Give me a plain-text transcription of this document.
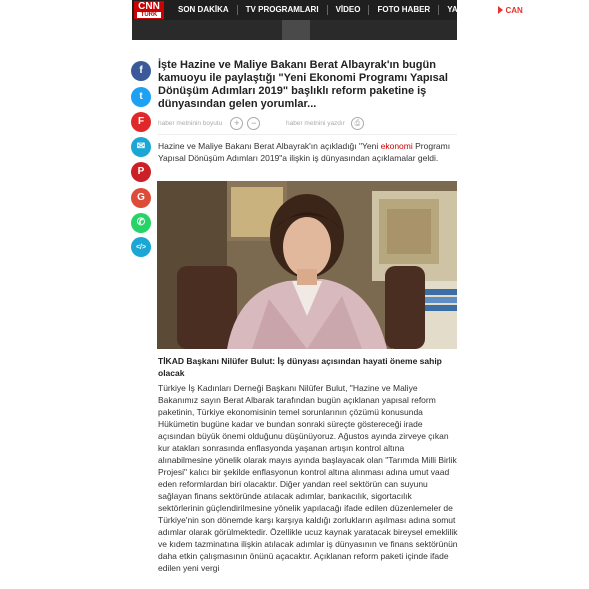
CNN
TÜRK
SON DAKİKA	TV PROGRAMLARI	VİDEO	FOTO HABER	YAZARLAR	CAN
f
t
F
✉
P
G
✆
</>
İşte Hazine ve Maliye Bakanı Berat Albayrak'ın bugün kamuoyu ile paylaştığı "Yeni Ekonomi Programı Yapısal Dönüşüm Adımları 2019" başlıklı reform paketine iş dünyasından gelen yorumlar...
haber metninin boyutu	+	−	haber metnini yazdır	⎙

Hazine ve Maliye Bakanı Berat Albayrak'ın açıkladığı "Yeni ekonomi Programı Yapısal Dönüşüm Adımları 2019"a ilişkin iş dünyasından açıklamalar geldi.

TİKAD Başkanı Nilüfer Bulut: İş dünyası açısından hayati öneme sahip olacak

Türkiye İş Kadınları Derneği Başkanı Nilüfer Bulut, "Hazine ve Maliye Bakanımız sayın Berat Albarak tarafından bugün açıklanan yapısal reform paketinin, Türkiye ekonomisinin temel sorunlarının çözümü konusunda Hükümetin bugüne kadar ve bundan sonraki süreçte göstereceği irade açısından büyük önemi olduğunu düşünüyoruz. Ağustos ayında zirveye çıkan kur atakları sonrasında enflasyonda yaşanan artışın kontrol altına alınabilmesine yönelik olarak mayıs ayında başlayacak olan "Tarımda Milli Birlik Projesi" kalıcı bir şekilde enflasyonun kontrol altına alınması adına umut vaad eden reformlardan biri olacaktır. Diğer yandan reel sektörün can suyunu sağlayan finans sektöründe atılacak adımlar, bankacılık, sigortacılık sektörlerinin güçlendirilmesine yönelik yapılacağı ifade edilen düzenlemeler de Türkiye'nin son dönemde karşı karşıya kaldığı zorlukların aşılması adına somut adımlar olarak görülmektedir. Özellikle ucuz kaynak yaratacak bireysel emeklilik ve kıdem tazminatına ilişkin atılacak adımlar iş dünyasının ve finans sektörünün daha etkin çalışmasının önünü açacaktır. Açıklanan reform paketi içinde ifade edilen yeni vergi
